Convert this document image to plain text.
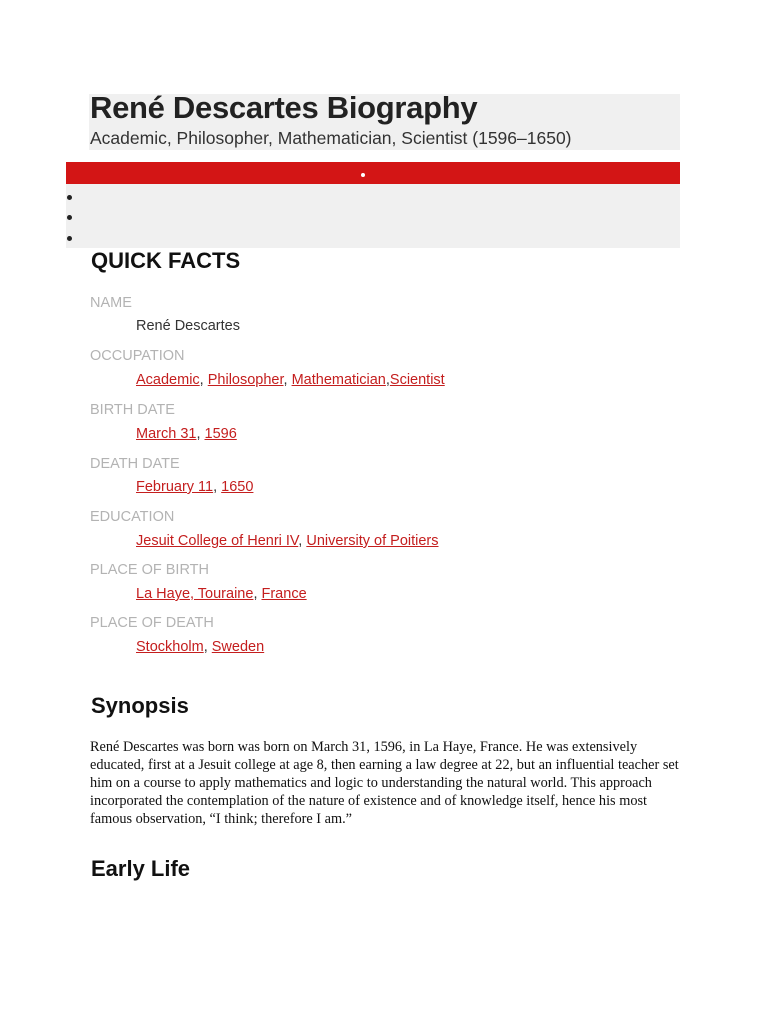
René Descartes Biography

Academic, Philosopher, Mathematician, Scientist (1596–1650)

QUICK FACTS
NAME
René Descartes
OCCUPATION
Academic, Philosopher, Mathematician,Scientist
BIRTH DATE
March 31, 1596
DEATH DATE
February 11, 1650
EDUCATION
Jesuit College of Henri IV, University of Poitiers
PLACE OF BIRTH
La Haye, Touraine, France
PLACE OF DEATH
Stockholm, Sweden
Synopsis

René Descartes was born was born on March 31, 1596, in La Haye, France. He was extensively educated, first at a Jesuit college at age 8, then earning a law degree at 22, but an influential teacher set him on a course to apply mathematics and logic to understanding the natural world. This approach incorporated the contemplation of the nature of existence and of knowledge itself, hence his most famous observation, “I think; therefore I am.”

Early Life
